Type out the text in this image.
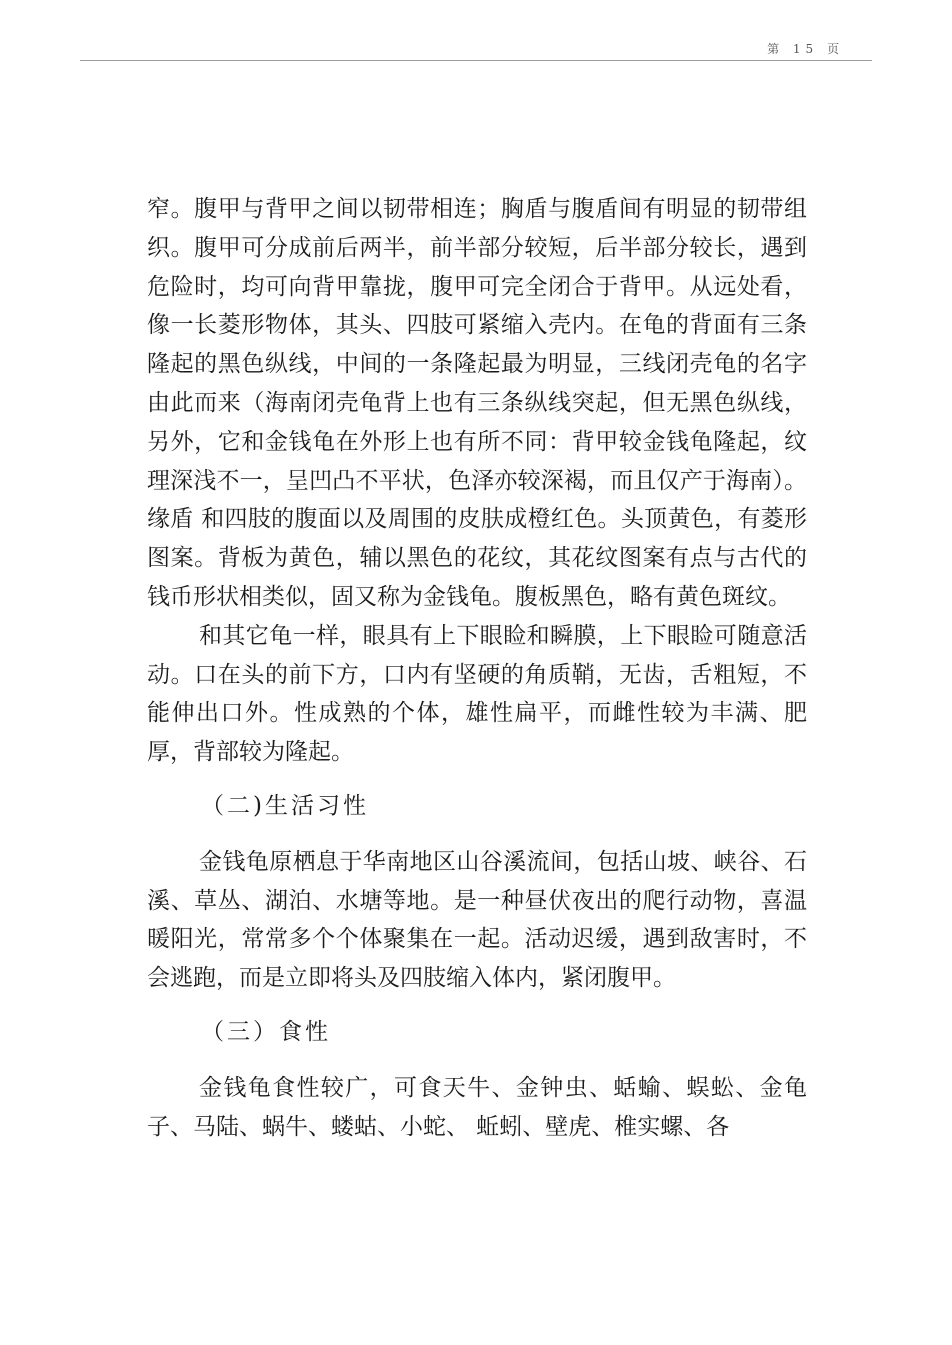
第 15 页

窄。腹甲与背甲之间以韧带相连；胸盾与腹盾间有明显的韧带组织。腹甲可分成前后两半，前半部分较短，后半部分较长，遇到危险时，均可向背甲靠拢，腹甲可完全闭合于背甲。从远处看，像一长菱形物体，其头、四肢可紧缩入壳内。在龟的背面有三条隆起的黑色纵线，中间的一条隆起最为明显，三线闭壳龟的名字由此而来（海南闭壳龟背上也有三条纵线突起，但无黑色纵线，另外，它和金钱龟在外形上也有所不同：背甲较金钱龟隆起，纹理深浅不一，呈凹凸不平状，色泽亦较深褐，而且仅产于海南）。缘盾 和四肢的腹面以及周围的皮肤成橙红色。头顶黄色，有菱形图案。背板为黄色，辅以黑色的花纹，其花纹图案有点与古代的钱币形状相类似，固又称为金钱龟。腹板黑色，略有黄色斑纹。

和其它龟一样，眼具有上下眼睑和瞬膜，上下眼睑可随意活动。口在头的前下方，口内有坚硬的角质鞘，无齿，舌粗短，不能伸出口外。性成熟的个体，雄性扁平，而雌性较为丰满、肥厚，背部较为隆起。

（二)生活习性

金钱龟原栖息于华南地区山谷溪流间，包括山坡、峡谷、石溪、草丛、湖泊、水塘等地。是一种昼伏夜出的爬行动物，喜温暖阳光，常常多个个体聚集在一起。活动迟缓，遇到敌害时，不会逃跑，而是立即将头及四肢缩入体内，紧闭腹甲。

（三）食性

金钱龟食性较广，可食天牛、金钟虫、蛞蝓、蜈蚣、金龟子、马陆、蜗牛、蝼蛄、小蛇、 蚯蚓、壁虎、椎实螺、各
